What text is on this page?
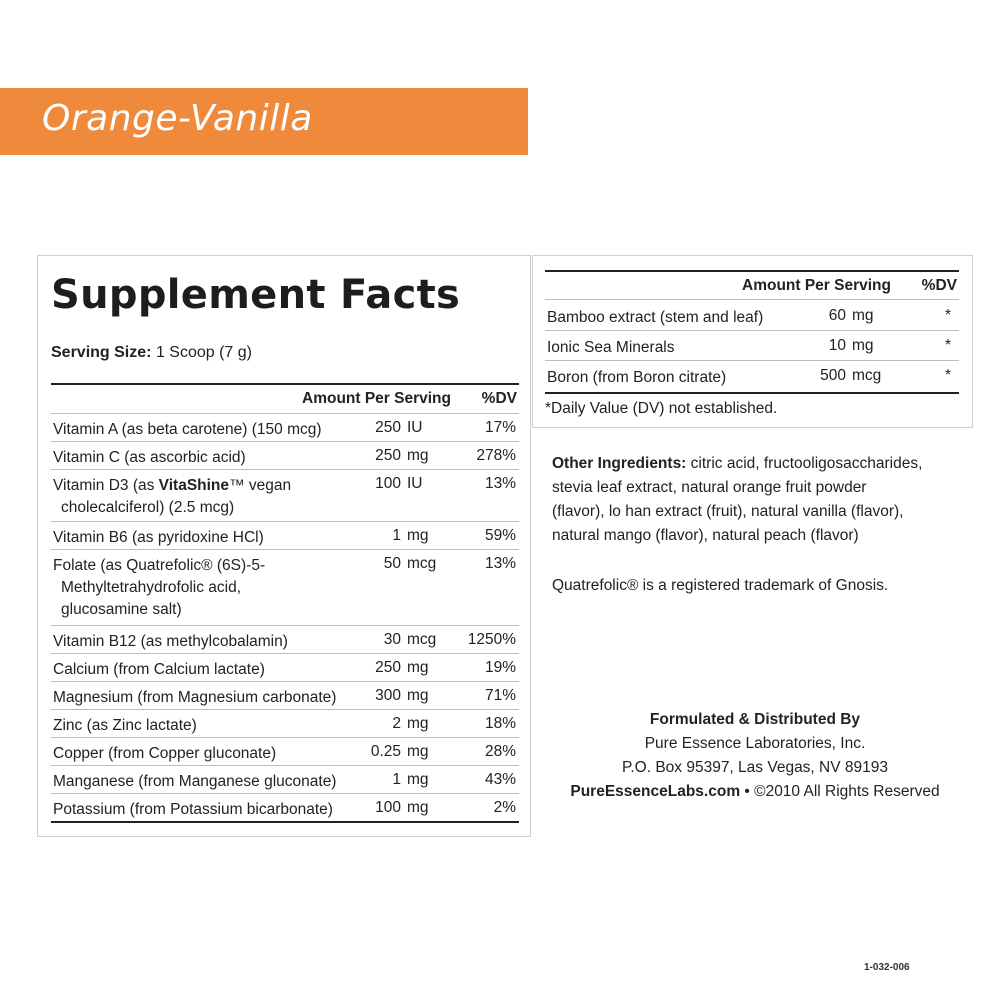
Orange-Vanilla
Supplement Facts
Serving Size: 1 Scoop (7 g)
Amount Per Serving %DV
Vitamin A (as beta carotene) (150 mcg)	250 IU	17%
Vitamin C (as ascorbic acid)	250 mg	278%
Vitamin D3 (as VitaShine™ vegan
cholecalciferol) (2.5 mcg)
100 IU	13%
Vitamin B6 (as pyridoxine HCl)	1 mg	59%
Folate (as Quatrefolic® (6S)-5-
Methyltetrahydrofolic acid,
glucosamine salt)
50 mcg	13%
Vitamin B12 (as methylcobalamin)	30 mcg 1250%
Calcium (from Calcium lactate)	250 mg	19%
Magnesium (from Magnesium carbonate) 300 mg	71%
Zinc (as Zinc lactate)	2 mg	18%
Copper (from Copper gluconate)	0.25 mg	28%
Manganese (from Manganese gluconate)	1 mg	43%
Potassium (from Potassium bicarbonate)	100 mg	2%
Amount Per Serving %DV
Bamboo extract (stem and leaf)	60 mg	*
Ionic Sea Minerals	10 mg	*
Boron (from Boron citrate)	500 mcg	*
*Daily Value (DV) not established.
Other Ingredients: citric acid, fructooligosaccharides,
stevia leaf extract, natural orange fruit powder
(flavor), lo han extract (fruit), natural vanilla (flavor),
natural mango (flavor), natural peach (flavor)
Quatrefolic® is a registered trademark of Gnosis.
Formulated & Distributed By
Pure Essence Laboratories, Inc.
P.O. Box 95397, Las Vegas, NV 89193
PureEssenceLabs.com • ©2010 All Rights Reserved
1-032-006
